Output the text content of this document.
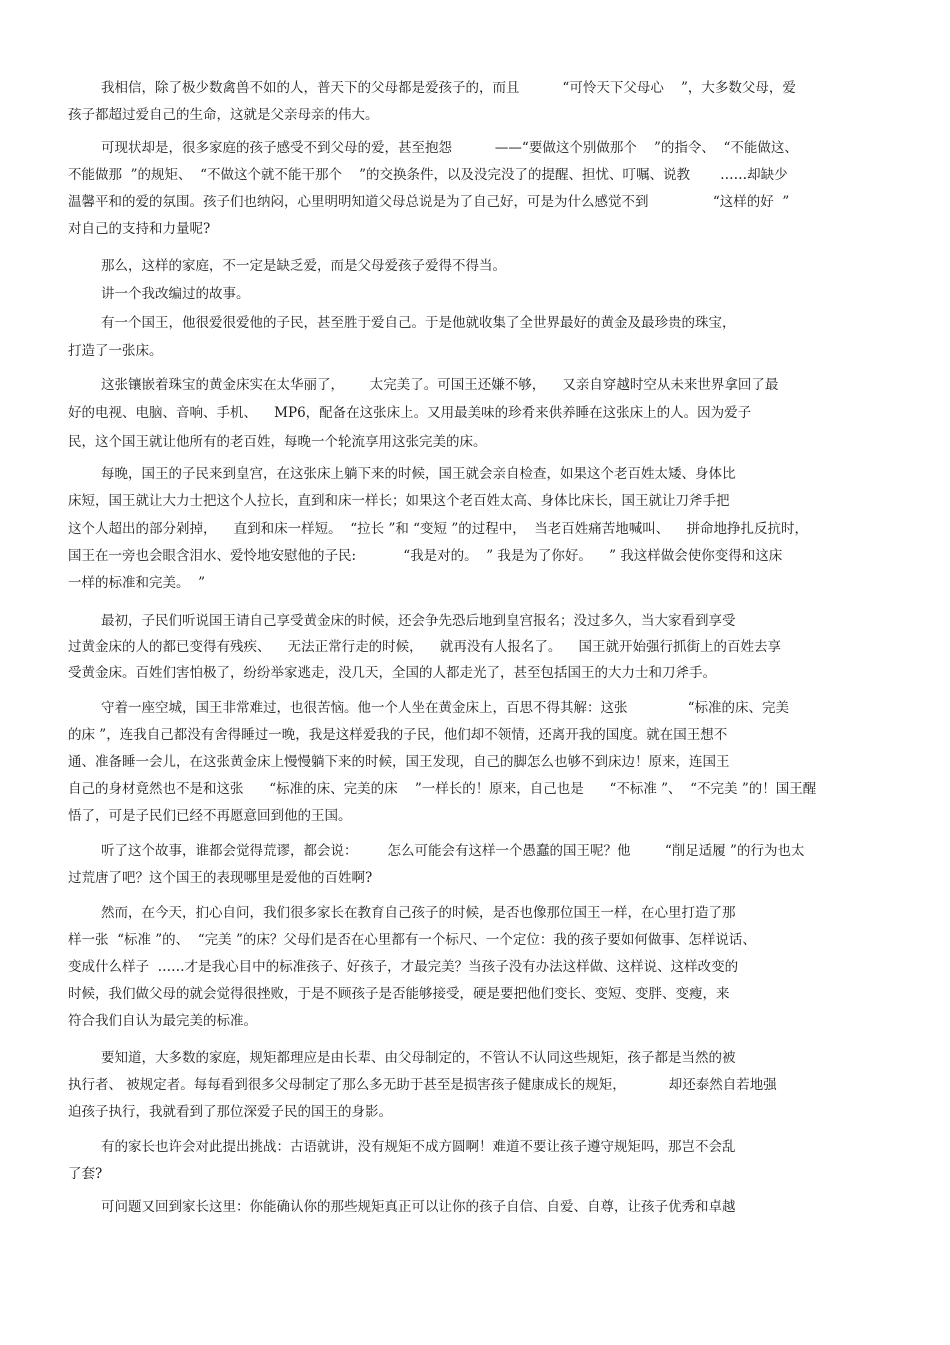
我相信，除了极少数禽兽不如的人，普天下的父母都是爱孩子的，而且          “可怜天下父母心    ”，大多数父母，爱
孩子都超过爱自己的生命，这就是父亲母亲的伟大。
可现状却是，很多家庭的孩子感受不到父母的爱，甚至抱怨          ——“要做这个别做那个    ”的指令、  “不能做这、
不能做那  ”的规矩、  “不做这个就不能干那个    ”的交换条件，以及没完没了的提醒、担忧、叮嘱、说教       ……却缺少
温馨平和的爱的氛围。孩子们也纳闷，心里明明知道父母总说是为了自己好，可是为什么感觉不到               “这样的好  ”
对自己的支持和力量呢?
那么，这样的家庭，不一定是缺乏爱，而是父母爱孩子爱得不得当。
讲一个我改编过的故事。
有一个国王，他很爱很爱他的子民，甚至胜于爱自己。于是他就收集了全世界最好的黄金及最珍贵的珠宝，
打造了一张床。
这张镶嵌着珠宝的黄金床实在太华丽了，      太完美了。可国王还嫌不够，    又亲自穿越时空从未来世界拿回了最
好的电视、电脑、音响、手机、    MP6，配备在这张床上。又用最美味的珍肴来供养睡在这张床上的人。因为爱子
民，这个国王就让他所有的老百姓，每晚一个轮流享用这张完美的床。
每晚，国王的子民来到皇宫，在这张床上躺下来的时候，国王就会亲自检查，如果这个老百姓太矮、身体比
床短，国王就让大力士把这个人拉长，直到和床一样长；如果这个老百姓太高、身体比床长，国王就让刀斧手把
这个人超出的部分剁掉，    直到和床一样短。  “拉长 ”和 “变短 ”的过程中，  当老百姓痛苦地喊叫、    拼命地挣扎反抗时，
国王在一旁也会眼含泪水、爱怜地安慰他的子民:           “我是对的。  ” 我是为了你好。    ” 我这样做会使你变得和这床
一样的标准和完美。  ”
最初，子民们听说国王请自己享受黄金床的时候，还会争先恐后地到皇宫报名；没过多久，当大家看到享受
过黄金床的人的都已变得有残疾、    无法正常行走的时候，    就再没有人报名了。    国王就开始强行抓街上的百姓去享
受黄金床。百姓们害怕极了，纷纷举家逃走，没几天，全国的人都走光了，甚至包括国王的大力士和刀斧手。
守着一座空城，国王非常难过，也很苦恼。他一个人坐在黄金床上，百思不得其解：这张              “标准的床、完美
的床 ”，连我自己都没有舍得睡过一晚，我是这样爱我的子民，他们却不领情，还离开我的国度。就在国王想不
通、准备睡一会儿，在这张黄金床上慢慢躺下来的时候，国王发现，自己的脚怎么也够不到床边！原来，连国王
自己的身材竟然也不是和这张      “标准的床、完美的床    ”一样长的！原来，自己也是      “不标准 ”、  “不完美 ”的！国王醒
悟了，可是子民们已经不再愿意回到他的王国。
听了这个故事，谁都会觉得荒谬，都会说：       怎么可能会有这样一个愚蠢的国王呢？他        “削足适履 ”的行为也太
过荒唐了吧？这个国王的表现哪里是爱他的百姓啊?
然而，在今天，扪心自问，我们很多家长在教育自己孩子的时候，是否也像那位国王一样，在心里打造了那
样一张  “标准 ”的、  “完美 ”的床？父母们是否在心里都有一个标尺、一个定位：我的孩子要如何做事、怎样说话、
变成什么样子  ……才是我心目中的标准孩子、好孩子，才最完美？当孩子没有办法这样做、这样说、这样改变的
时候，我们做父母的就会觉得很挫败，于是不顾孩子是否能够接受，硬是要把他们变长、变短、变胖、变瘦，来
符合我们自认为最完美的标准。
要知道，大多数的家庭，规矩都理应是由长辈、由父母制定的，不管认不认同这些规矩，孩子都是当然的被
执行者、 被规定者。每每看到很多父母制定了那么多无助于甚至是损害孩子健康成长的规矩，          却还泰然自若地强
迫孩子执行，我就看到了那位深爱子民的国王的身影。
有的家长也许会对此提出挑战：古语就讲，没有规矩不成方圆啊！难道不要让孩子遵守规矩吗，那岂不会乱
了套?
可问题又回到家长这里：你能确认你的那些规矩真正可以让你的孩子自信、自爱、自尊，让孩子优秀和卓越
